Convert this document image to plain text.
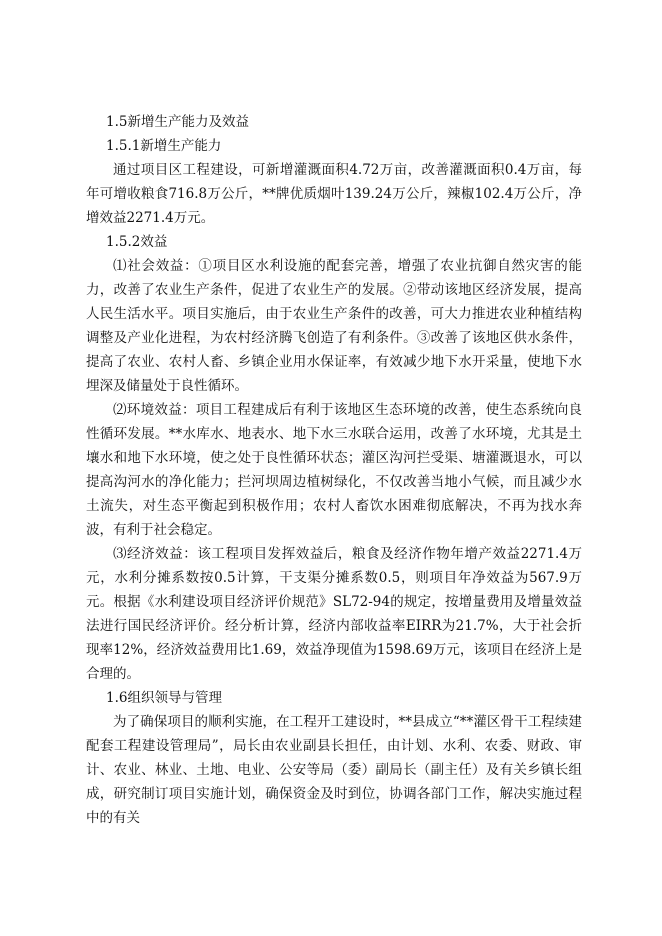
1.5新增生产能力及效益
1.5.1新增生产能力

通过项目区工程建设，可新增灌溉面积4.72万亩，改善灌溉面积0.4万亩，每年可增收粮食716.8万公斤，**牌优质烟叶139.24万公斤，辣椒102.4万公斤，净增效益2271.4万元。

1.5.2效益

⑴社会效益：①项目区水利设施的配套完善，增强了农业抗御自然灾害的能力，改善了农业生产条件，促进了农业生产的发展。②带动该地区经济发展，提高人民生活水平。项目实施后，由于农业生产条件的改善，可大力推进农业种植结构调整及产业化进程，为农村经济腾飞创造了有利条件。③改善了该地区供水条件，提高了农业、农村人畜、乡镇企业用水保证率，有效减少地下水开采量，使地下水埋深及储量处于良性循环。

⑵环境效益：项目工程建成后有利于该地区生态环境的改善，使生态系统向良性循环发展。**水库水、地表水、地下水三水联合运用，改善了水环境，尤其是土壤水和地下水环境，使之处于良性循环状态；灌区沟河拦受渠、塘灌溉退水，可以提高沟河水的净化能力；拦河坝周边植树绿化，不仅改善当地小气候，而且减少水土流失，对生态平衡起到积极作用；农村人畜饮水困难彻底解决，不再为找水奔波，有利于社会稳定。

⑶经济效益：该工程项目发挥效益后，粮食及经济作物年增产效益2271.4万元，水利分摊系数按0.5计算，干支渠分摊系数0.5，则项目年净效益为567.9万元。根据《水利建设项目经济评价规范》SL72-94的规定，按增量费用及增量效益法进行国民经济评价。经分析计算，经济内部收益率EIRR为21.7%，大于社会折现率12%，经济效益费用比1.69，效益净现值为1598.69万元，该项目在经济上是合理的。

1.6组织领导与管理

为了确保项目的顺利实施，在工程开工建设时，**县成立“**灌区骨干工程续建配套工程建设管理局”，局长由农业副县长担任，由计划、水利、农委、财政、审计、农业、林业、土地、电业、公安等局（委）副局长（副主任）及有关乡镇长组成，研究制订项目实施计划，确保资金及时到位，协调各部门工作，解决实施过程中的有关
